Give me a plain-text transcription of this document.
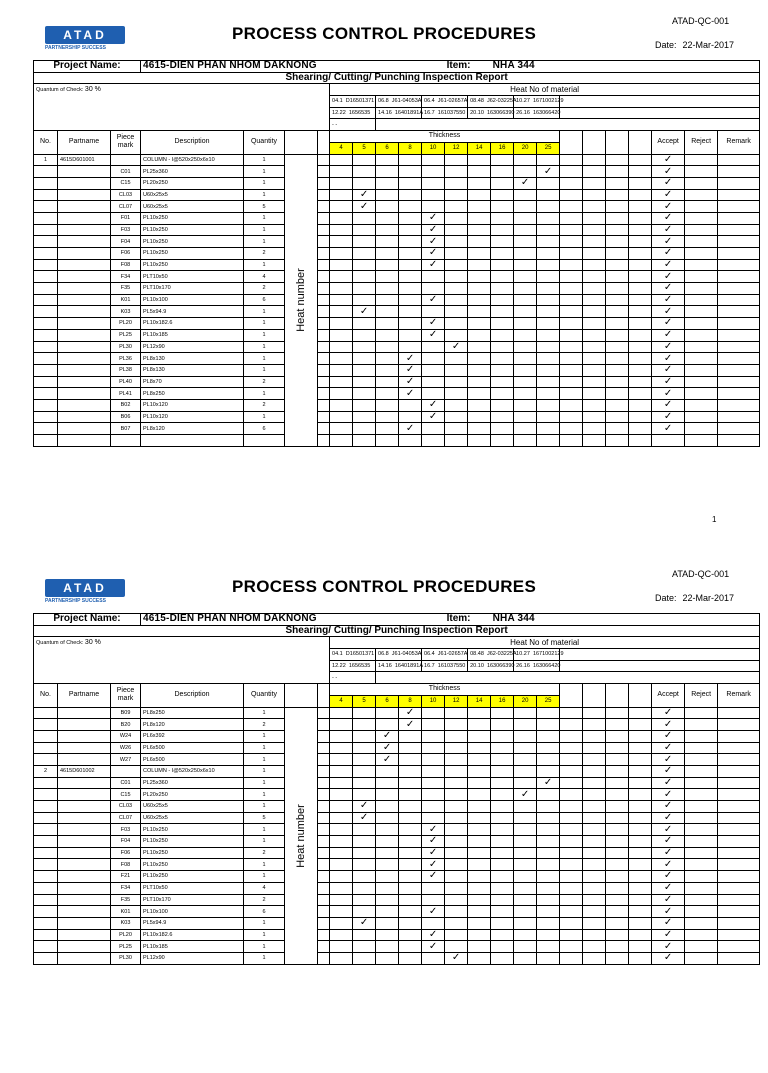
ATAD
PARTNERSHIP SUCCESS
PROCESS CONTROL PROCEDURES
ATAD-QC-001
Date: 22-Mar-2017
Project Name:			4615-DIEN PHAN NHOM DAKNONG									Item:		NHA 344									
Shearing/ Cutting/ Punching Inspection Report																							
Quantum of Check: 30 %							Heat No of material																
							04.1 D16501371		06.8 J61-04053A		06.4 J61-02657A		08.48 J62-03225A		10.27 1671002129								
							12.22 1656535		14.16 16401891A		16.7 161037550		20.10 163066390		26.16 163066420								
							- -																
No.	Partname	Piece mark	Description	Quantity			Thickness														Accept	Reject	Remark
							4	5	6	8	10	12	14	16	20	25							
1	4615D601001		COLUMN - I@520x250x6x10	1	Heat number																✓		
		C01	PL25x360	1												✓					✓		
		C15	PL20x250	1											✓						✓		
		CL03	U60x25x5	1				✓													✓		
		CL07	U60x25x5	5				✓													✓		
		F01	PL10x250	1							✓										✓		
		F03	PL10x250	1							✓										✓		
		F04	PL10x250	1							✓										✓		
		F06	PL10x250	2							✓										✓		
		F08	PL10x250	1							✓										✓		
		F34	PLT10x50	4																	✓		
		F35	PLT10x170	2																	✓		
		K01	PL10x100	6							✓										✓		
		K03	PL5x94.9	1				✓													✓		
		PL20	PL10x182.6	1							✓										✓		
		PL25	PL10x185	1							✓										✓		
		PL30	PL12x90	1								✓									✓		
		PL36	PL8x130	1						✓											✓		
		PL38	PL8x130	1						✓											✓		
		PL40	PL8x70	2						✓											✓		
		PL41	PL8x250	1						✓											✓		
		B02	PL10x120	2							✓										✓		
		B06	PL10x120	1							✓										✓		
		B07	PL8x120	6						✓											✓		

ATAD
PARTNERSHIP SUCCESS
PROCESS CONTROL PROCEDURES
ATAD-QC-001
Date: 22-Mar-2017
Project Name:			4615-DIEN PHAN NHOM DAKNONG									Item:		NHA 344									
Shearing/ Cutting/ Punching Inspection Report																							
Quantum of Check: 30 %							Heat No of material																
							04.1 D16501371		06.8 J61-04053A		06.4 J61-02657A		08.48 J62-03225A		10.27 1671002129								
							12.22 1656535		14.16 16401891A		16.7 161037550		20.10 163066390		26.16 163066420								
							- -																
No.	Partname	Piece mark	Description	Quantity			Thickness														Accept	Reject	Remark
							4	5	6	8	10	12	14	16	20	25							
		B09	PL8x250	1	Heat number					✓											✓		
		B20	PL8x120	2						✓											✓		
		W24	PL6x392	1					✓												✓		
		W26	PL6x500	1					✓												✓		
		W27	PL6x500	1					✓												✓		
2	4615D601002		COLUMN - I@520x250x6x10	1																	✓		
		C01	PL25x360	1												✓					✓		
		C15	PL20x250	1											✓						✓		
		CL03	U60x25x5	1				✓													✓		
		CL07	U60x25x5	5				✓													✓		
		F03	PL10x250	1							✓										✓		
		F04	PL10x250	1							✓										✓		
		F06	PL10x250	2							✓										✓		
		F08	PL10x250	1							✓										✓		
		F21	PL10x250	1							✓										✓		
		F34	PLT10x50	4																	✓		
		F35	PLT10x170	2																	✓		
		K01	PL10x100	6							✓										✓		
		K03	PL5x94.9	1				✓													✓		
		PL20	PL10x182.6	1							✓										✓		
		PL25	PL10x185	1							✓										✓		
		PL30	PL12x90	1								✓									✓		
1
